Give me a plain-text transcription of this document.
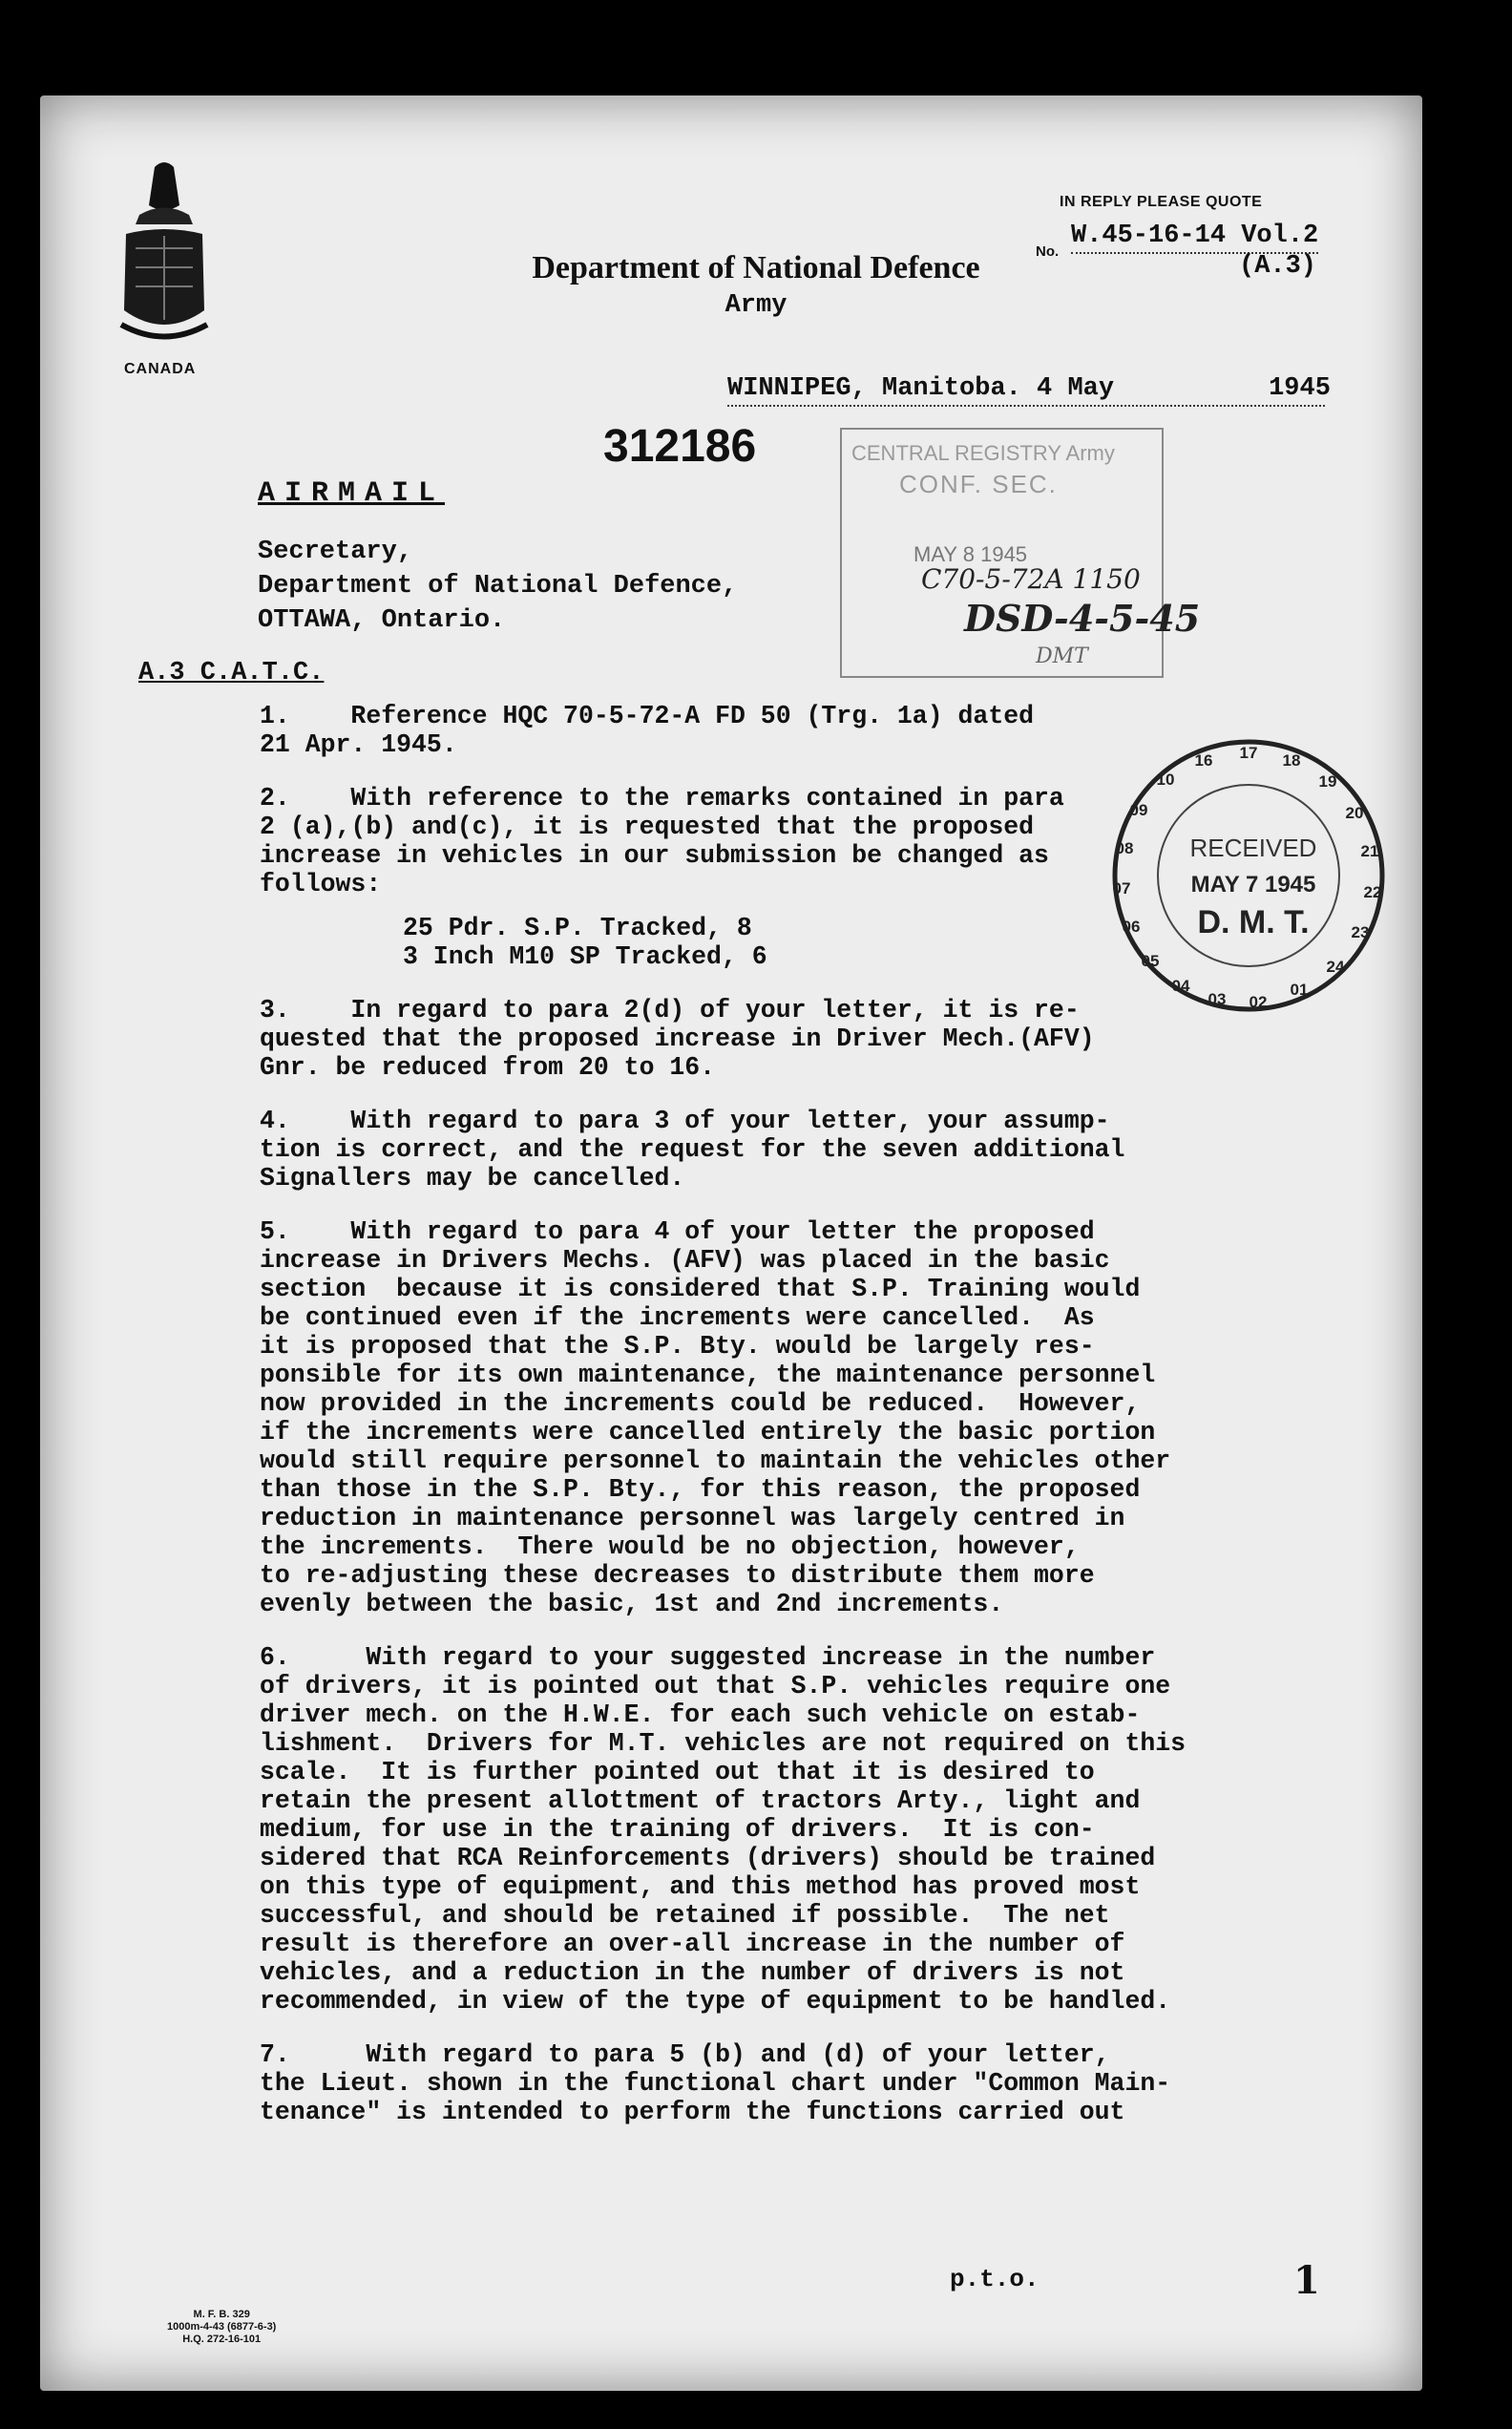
CANADA
Department of National Defence
Army
IN REPLY PLEASE QUOTE
No.
W.45-16-14 Vol.2
(A.3)
WINNIPEG, Manitoba. 4 May          1945
312186	CENTRAL REGISTRY Army
CONF. SEC.
MAY 8 1945
C70-5-72A 1150
DSD-4-5-45
DMT
AIRMAIL
Secretary,
Department of National Defence,
OTTAWA, Ontario.
A.3 C.A.T.C.
1.    Reference HQC 70-5-72-A FD 50 (Trg. 1a) dated
21 Apr. 1945.
2.    With reference to the remarks contained in para
2 (a),(b) and(c), it is requested that the proposed
increase in vehicles in our submission be changed as
follows:
25 Pdr. S.P. Tracked, 8
3 Inch M10 SP Tracked, 6
3.    In regard to para 2(d) of your letter, it is re-
quested that the proposed increase in Driver Mech.(AFV)
Gnr. be reduced from 20 to 16.
4.    With regard to para 3 of your letter, your assump-
tion is correct, and the request for the seven additional
Signallers may be cancelled.
5.    With regard to para 4 of your letter the proposed
increase in Drivers Mechs. (AFV) was placed in the basic
section  because it is considered that S.P. Training would
be continued even if the increments were cancelled.  As
it is proposed that the S.P. Bty. would be largely res-
ponsible for its own maintenance, the maintenance personnel
now provided in the increments could be reduced.  However,
if the increments were cancelled entirely the basic portion
would still require personnel to maintain the vehicles other
than those in the S.P. Bty., for this reason, the proposed
reduction in maintenance personnel was largely centred in
the increments.  There would be no objection, however,
to re-adjusting these decreases to distribute them more
evenly between the basic, 1st and 2nd increments.
6.     With regard to your suggested increase in the number
of drivers, it is pointed out that S.P. vehicles require one
driver mech. on the H.W.E. for each such vehicle on estab-
lishment.  Drivers for M.T. vehicles are not required on this
scale.  It is further pointed out that it is desired to
retain the present allottment of tractors Arty., light and
medium, for use in the training of drivers.  It is con-
sidered that RCA Reinforcements (drivers) should be trained
on this type of equipment, and this method has proved most
successful, and should be retained if possible.  The net
result is therefore an over-all increase in the number of
vehicles, and a reduction in the number of drivers is not
recommended, in view of the type of equipment to be handled.
7.     With regard to para 5 (b) and (d) of your letter,
the Lieut. shown in the functional chart under "Common Main-
tenance" is intended to perform the functions carried out
17 18
19
20
21
22
23
24
01
02
03
04
05
06
07
08
09
10
16
RECEIVED
MAY 7 1945
D. M. T.
p.t.o.	1
M. F. B. 329
1000m-4-43 (6877-6-3)
H.Q. 272-16-101
